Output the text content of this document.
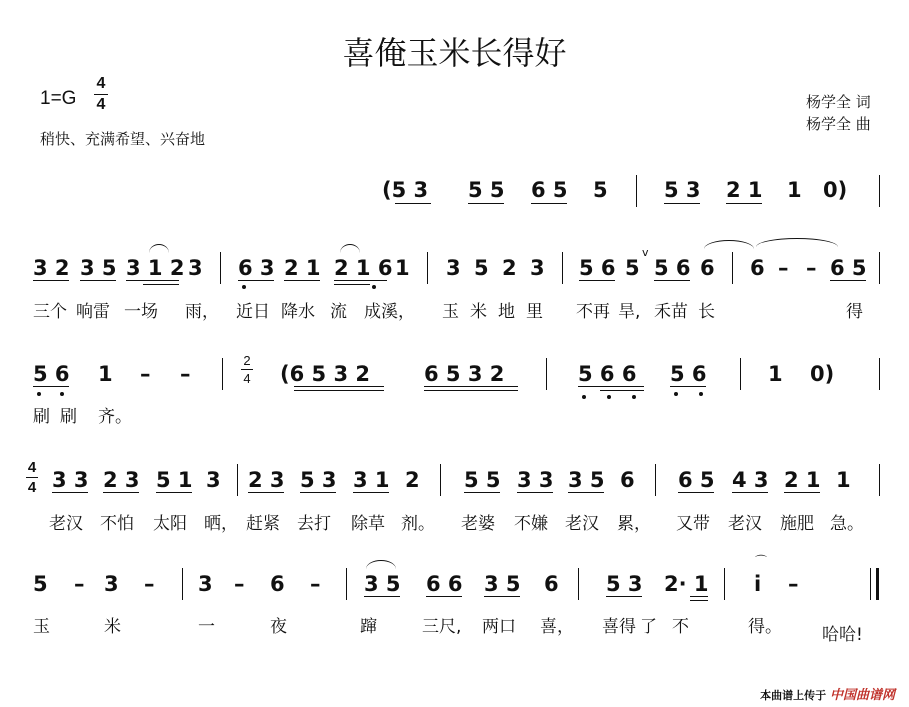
喜俺玉米长得好
1=G
4
4
稍快、充满希望、兴奋地
杨学全 词
杨学全 曲
(5 3 5 5 6 5 5	5 3 2 1 1 0)
3 2 3 5 3 1 2 3 6 3 2 1 2 1 6 1 3 5 2 3 5 6 5
v
5 6 6 6 – – 6 5
三个 响雷 一场 雨， 近日 降水 流 成溪， 玉 米 地 里 不再 旱, 禾苗 长	得
5 6 1 – –
2
4 (6 5 3 2	6 5 3 2	5 6 6 5 6	1 0)
刷 刷 齐。
4
4 3 3 2 3 5 1 3 2 3 5 3 3 1 2 5 5 3 3 3 5 6 6 5 4 3 2 1 1
老汉 不怕 太阳 晒， 赶紧 去打 除草 剂。 老婆 不嫌 老汉 累， 又带 老汉 施肥 急。
5 – 3 – 3 – 6 – 3 5 6 6 3 5 6 5 3 2· 1 i –
⌒
玉	米	一	夜	蹿	三尺, 两口 喜， 喜得 了 不	得。 哈哈!
本曲谱上传于 中国曲谱网
